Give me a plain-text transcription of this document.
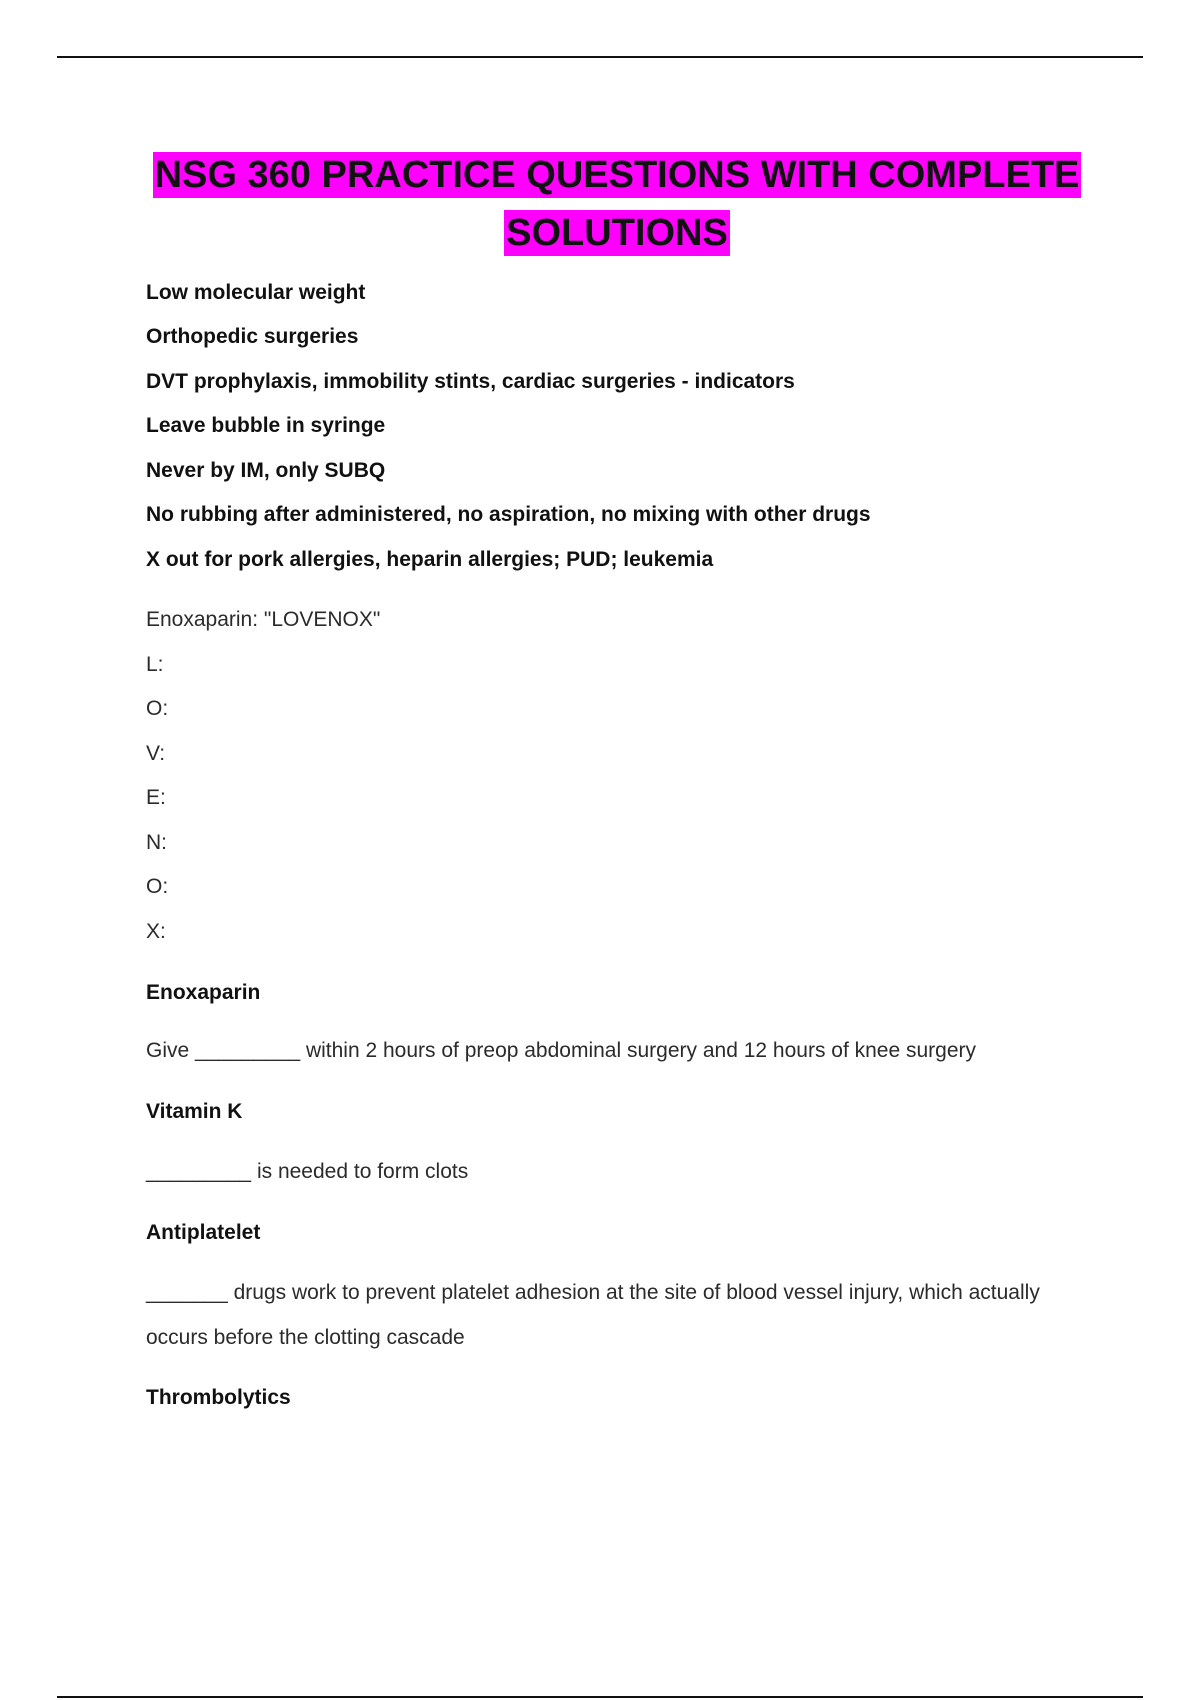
NSG 360 PRACTICE QUESTIONS WITH COMPLETE
SOLUTIONS
Low molecular weight
Orthopedic surgeries
DVT prophylaxis, immobility stints, cardiac surgeries - indicators
Leave bubble in syringe
Never by IM, only SUBQ
No rubbing after administered, no aspiration, no mixing with other drugs
X out for pork allergies, heparin allergies; PUD; leukemia
Enoxaparin: "LOVENOX"
L:
O:
V:
E:
N:
O:
X:
Enoxaparin
Give _________ within 2 hours of preop abdominal surgery and 12 hours of knee surgery
Vitamin K
_________ is needed to form clots
Antiplatelet
_______ drugs work to prevent platelet adhesion at the site of blood vessel injury, which actually
occurs before the clotting cascade
Thrombolytics
